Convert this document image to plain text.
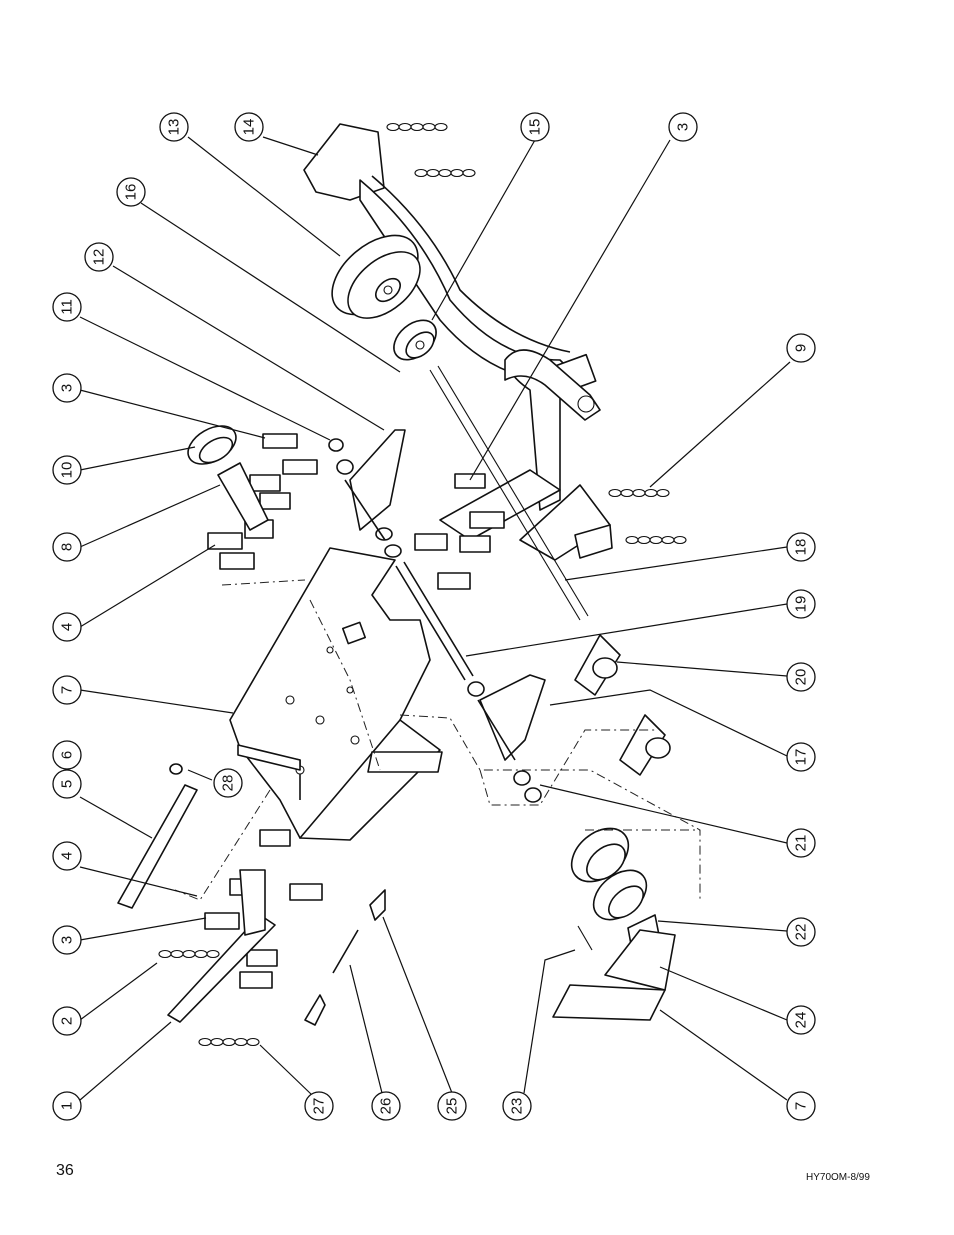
13	14
16
15	3
12
11
3
9
10
8	18
4
19
20
7
17
6
5	28
21
4
22
3
24
2
1	27	26	25	23	7
36	HY70OM-8/99
